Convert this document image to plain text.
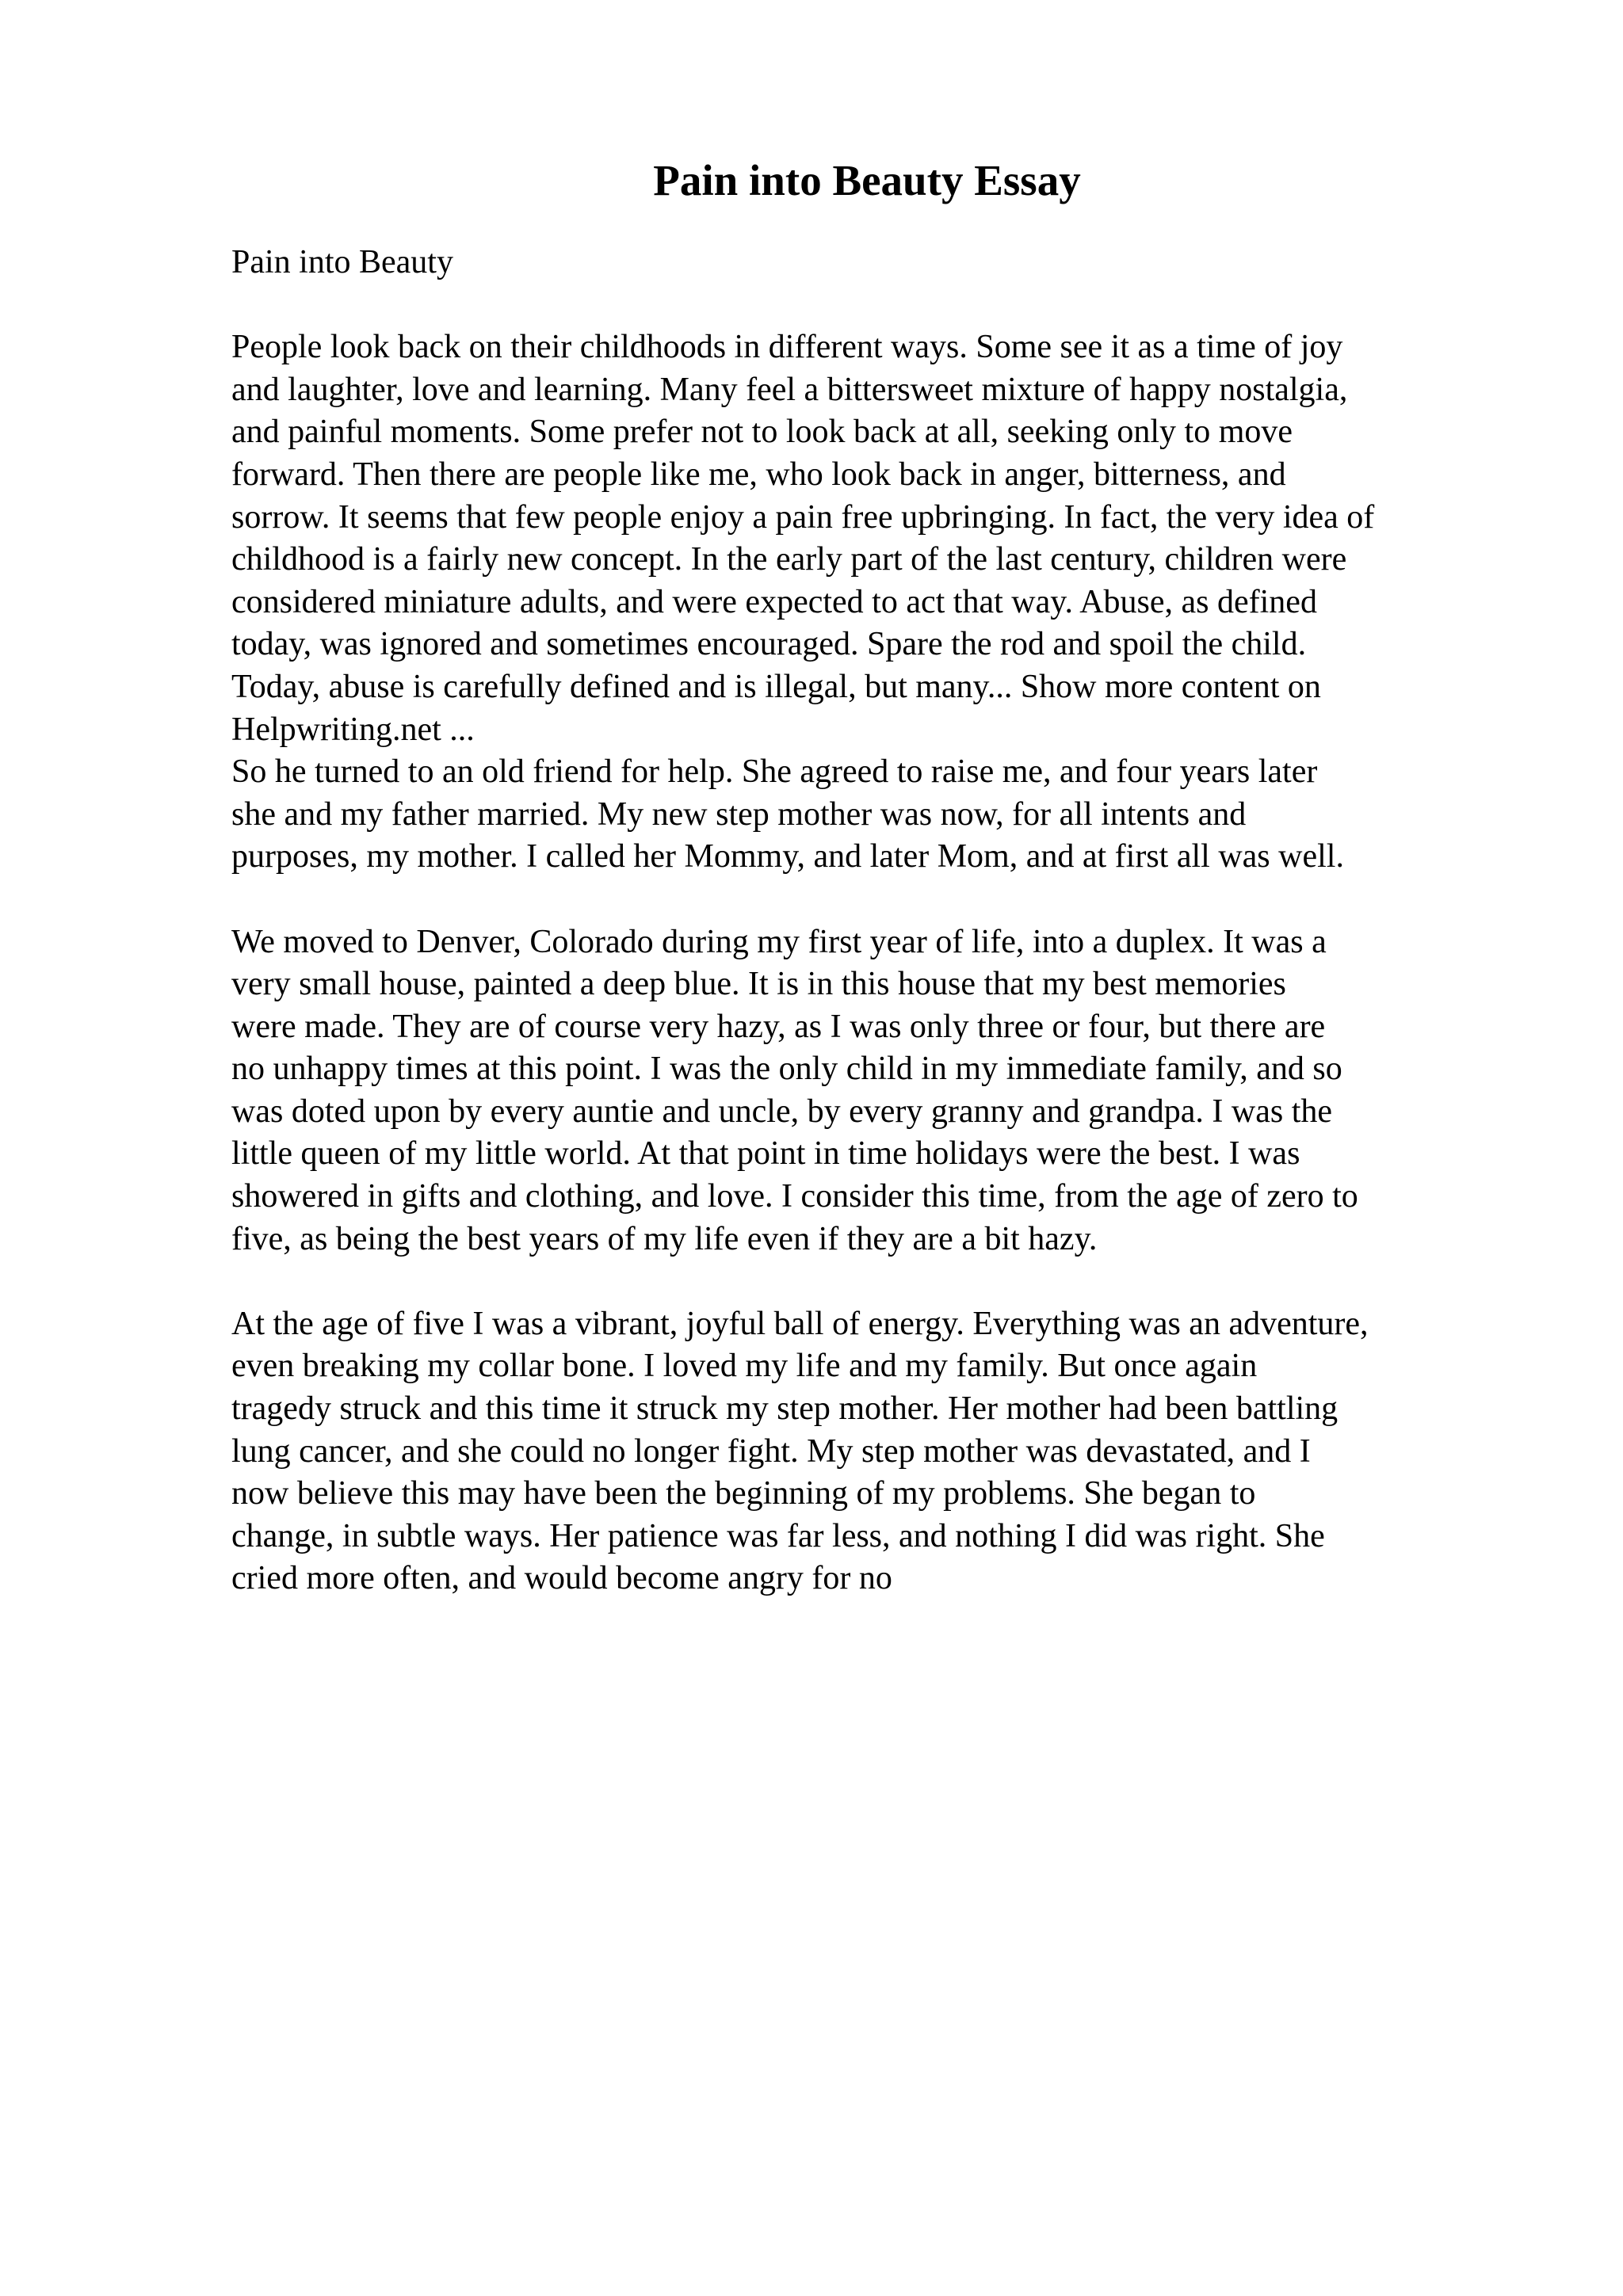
Pain into Beauty Essay

Pain into Beauty

People look back on their childhoods in different ways. Some see it as a time of joy
and laughter, love and learning. Many feel a bittersweet mixture of happy nostalgia,
and painful moments. Some prefer not to look back at all, seeking only to move
forward. Then there are people like me, who look back in anger, bitterness, and
sorrow. It seems that few people enjoy a pain free upbringing. In fact, the very idea of
childhood is a fairly new concept. In the early part of the last century, children were
considered miniature adults, and were expected to act that way. Abuse, as defined
today, was ignored and sometimes encouraged. Spare the rod and spoil the child.
Today, abuse is carefully defined and is illegal, but many... Show more content on
Helpwriting.net ...
So he turned to an old friend for help. She agreed to raise me, and four years later
she and my father married. My new step mother was now, for all intents and
purposes, my mother. I called her Mommy, and later Mom, and at first all was well.
We moved to Denver, Colorado during my first year of life, into a duplex. It was a
very small house, painted a deep blue. It is in this house that my best memories
were made. They are of course very hazy, as I was only three or four, but there are
no unhappy times at this point. I was the only child in my immediate family, and so
was doted upon by every auntie and uncle, by every granny and grandpa. I was the
little queen of my little world. At that point in time holidays were the best. I was
showered in gifts and clothing, and love. I consider this time, from the age of zero to
five, as being the best years of my life even if they are a bit hazy.
At the age of five I was a vibrant, joyful ball of energy. Everything was an adventure,
even breaking my collar bone. I loved my life and my family. But once again
tragedy struck and this time it struck my step mother. Her mother had been battling
lung cancer, and she could no longer fight. My step mother was devastated, and I
now believe this may have been the beginning of my problems. She began to
change, in subtle ways. Her patience was far less, and nothing I did was right. She
cried more often, and would become angry for no
